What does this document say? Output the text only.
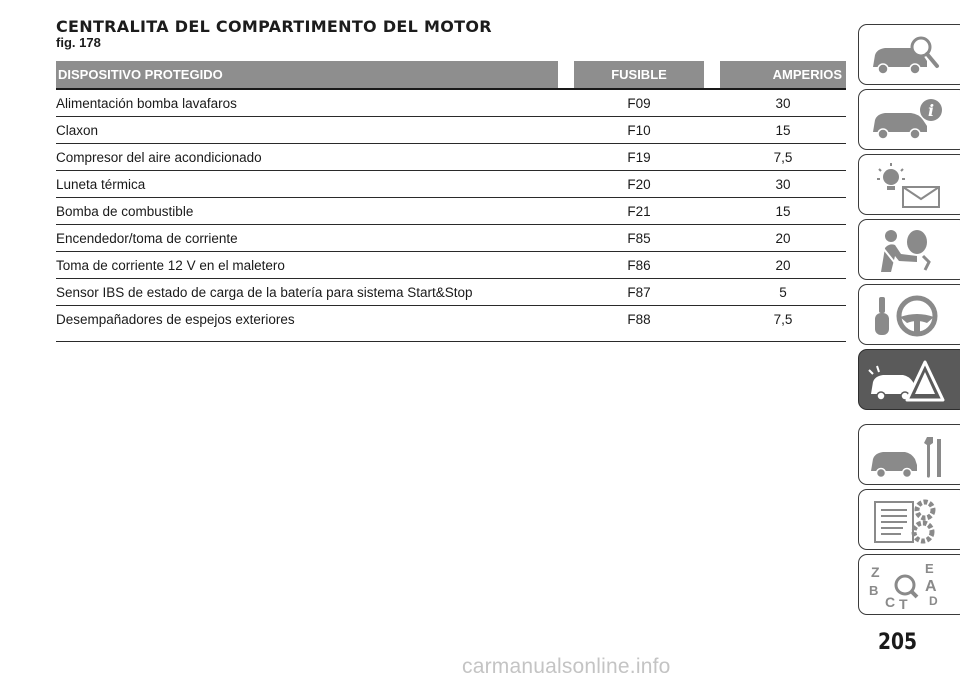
CENTRALITA DEL COMPARTIMENTO DEL MOTOR
fig. 178
DISPOSITIVO PROTEGIDO	FUSIBLE	AMPERIOS
Alimentación bomba lavafaros	F09	30
Claxon	F10	15
Compresor del aire acondicionado	F19	7,5
Luneta térmica	F20	30
Bomba de combustible	F21	15
Encendedor/toma de corriente	F85	20
Toma de corriente 12 V en el maletero	F86	20
Sensor IBS de estado de carga de la batería para sistema Start&Stop	F87	5
Desempañadores de espejos exteriores	F88	7,5
i
Z	E
A
B
C	D
T
205
carmanualsonline.info
